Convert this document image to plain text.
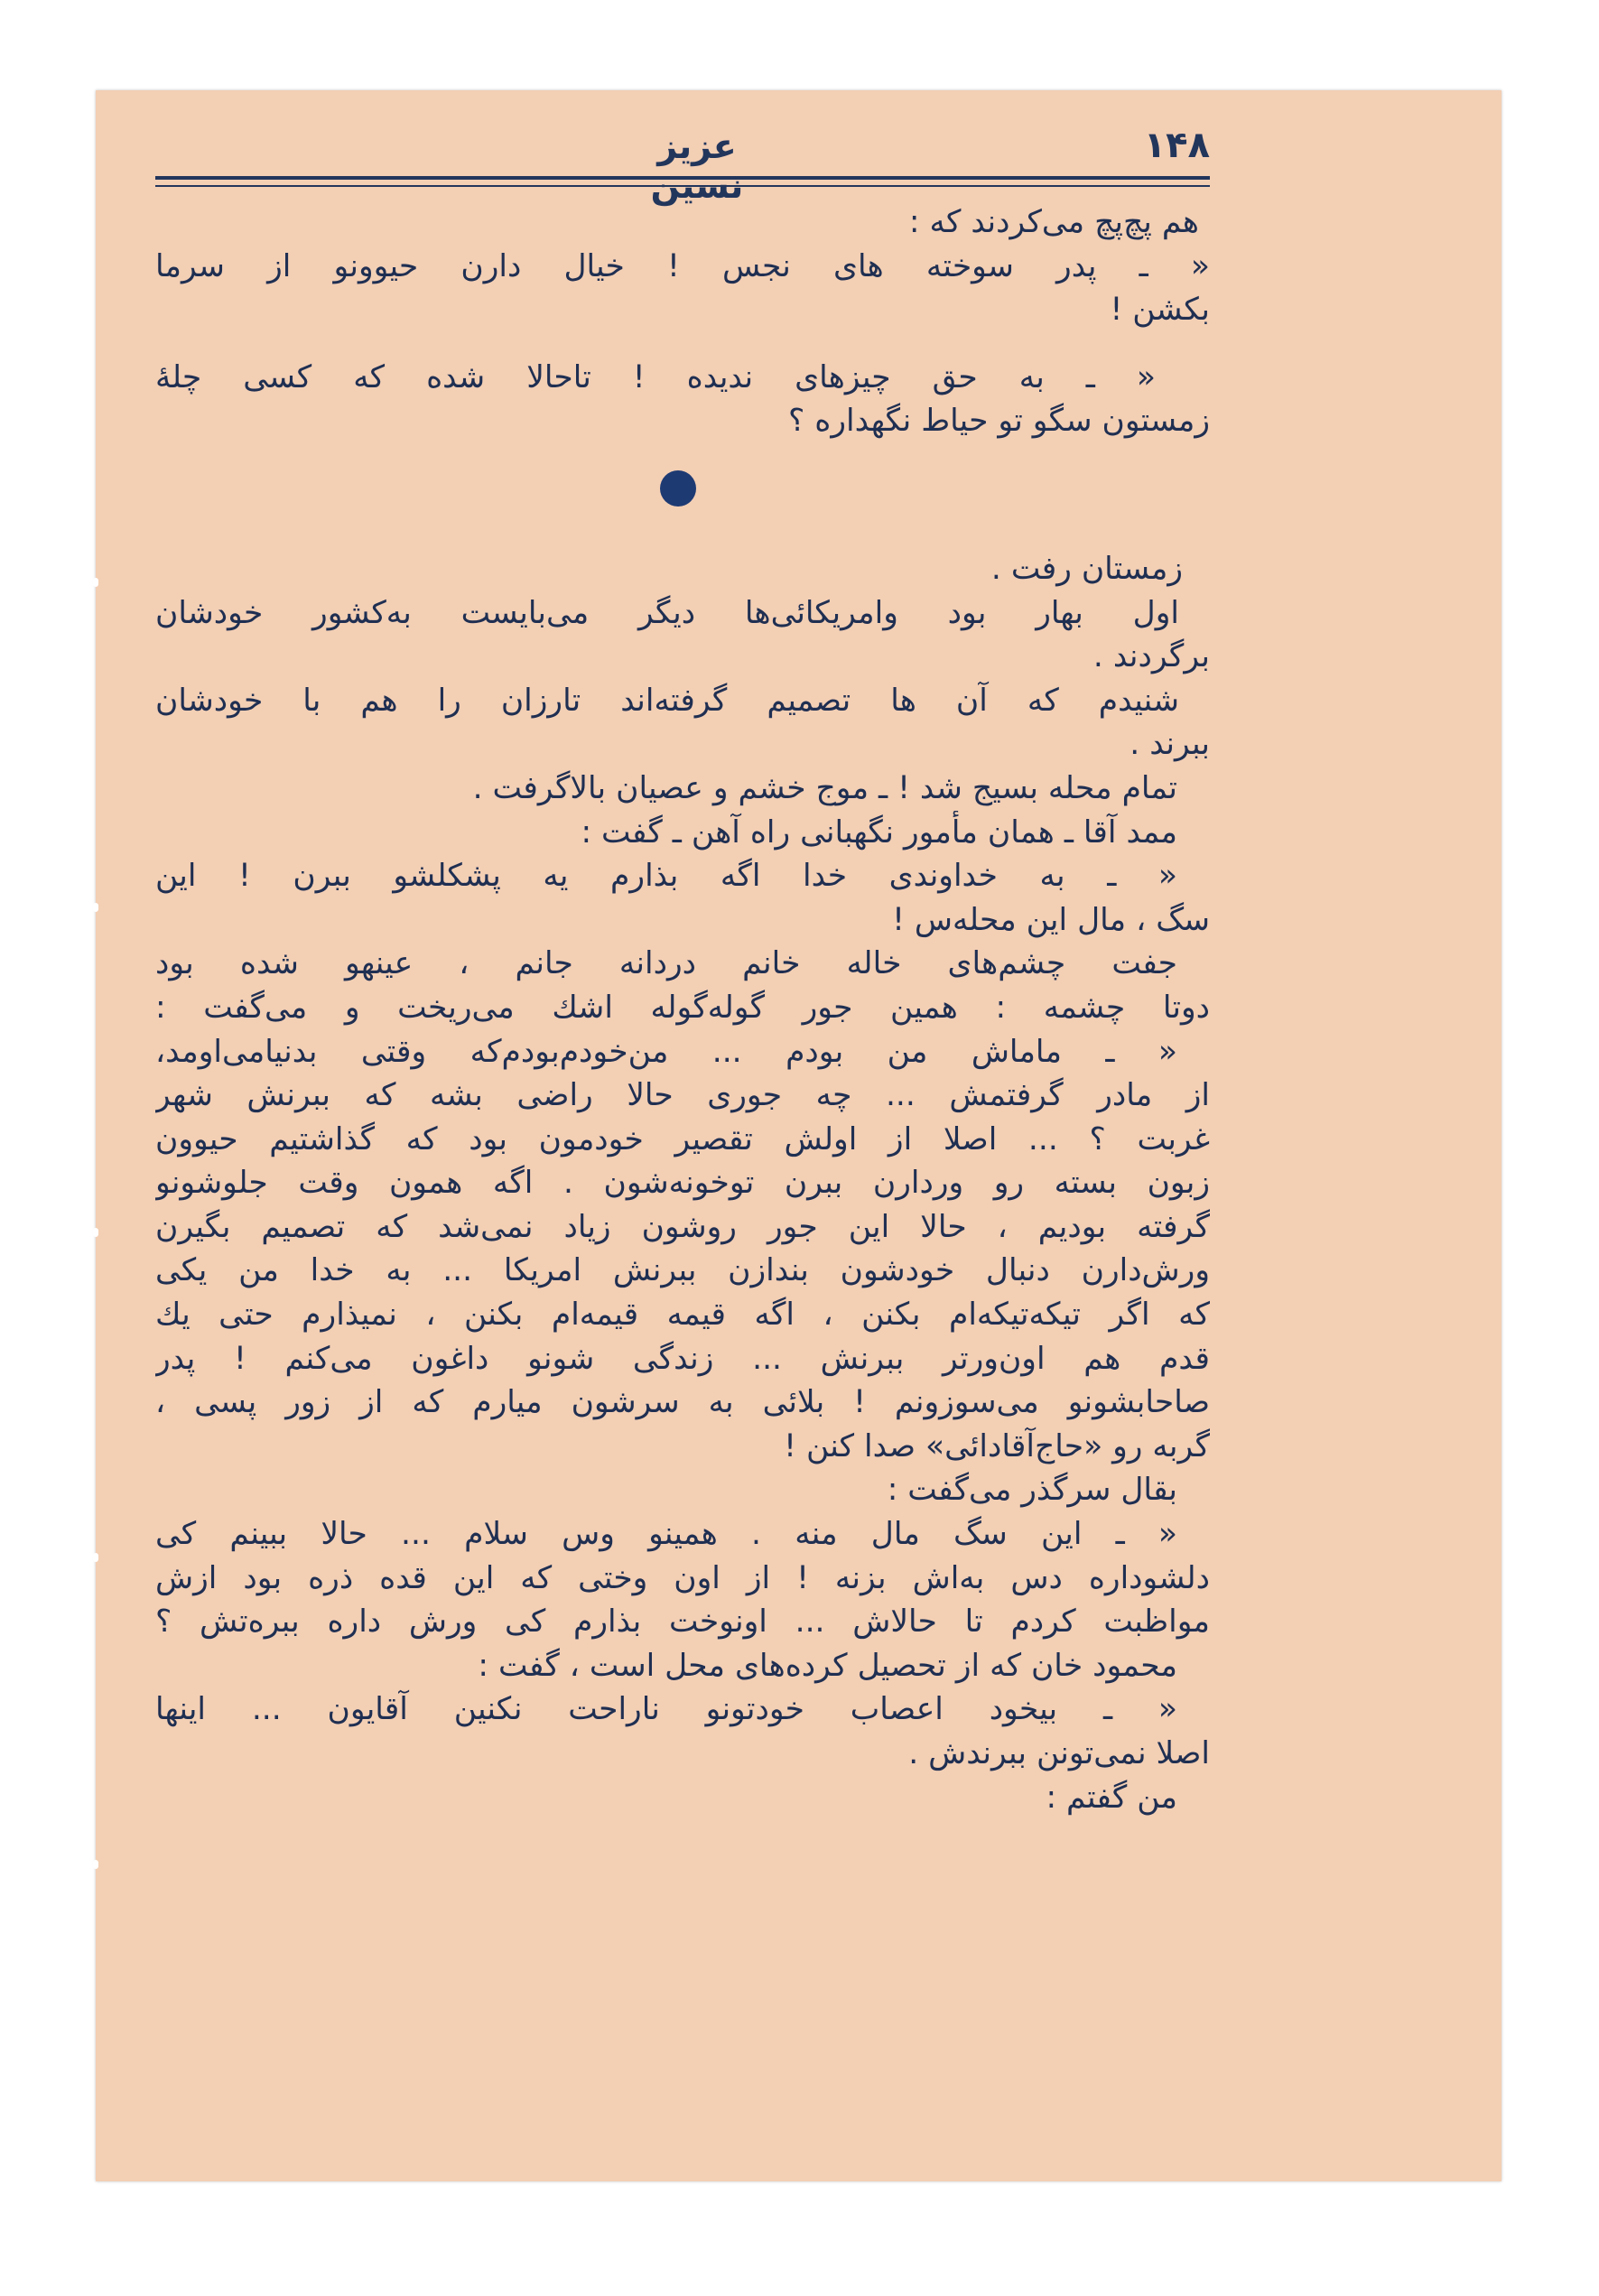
عزیز نسین
۱۴۸
هم پچ‌پچ می‌کردند که :
« ـ پدر سوخته های نجس ! خیال دارن حیوونو از سرما
بکشن !
« ـ به حق چیزهای ندیده ! تاحالا شده که کسی چلهٔ
زمستون سگو تو حیاط نگهداره ؟
زمستان رفت .
اول بهار بود وامریکائی‌ها دیگر می‌بایست به‌کشور خودشان
برگردند .
شنیدم که آن ها تصمیم گرفته‌اند تارزان را هم با خودشان
ببرند .
تمام محله بسیج شد ! ـ موج خشم و عصیان بالاگرفت .
ممد آقا ـ همان مأمور نگهبانی راه آهن ـ گفت :
« ـ به خداوندی خدا اگه بذارم یه پشکلشو ببرن ! این
سگ ، مال این محله‌س !
جفت چشم‌های خاله خانم دردانه جانم ، عینهو شده بود
دوتا چشمه : همین جور گوله‌گوله اشك می‌ریخت و می‌گفت :
« ـ ماماش من بودم ... من‌خودم‌بودم‌که وقتی بدنیامی‌اومد،
از مادر گرفتمش ... چه جوری حالا راضی بشه که ببرنش شهر
غربت ؟ ... اصلا از اولش تقصیر خودمون بود که گذاشتیم حیوون
زبون بسته رو وردارن ببرن توخونه‌شون . اگه همون وقت جلوشونو
گرفته بودیم ، حالا این جور روشون زیاد نمی‌شد که تصمیم بگیرن
ورش‌دارن دنبال خودشون بندازن ببرنش امریکا ... به خدا من یکی
که اگر تیکه‌تیکه‌ام بکنن ، اگه قیمه قیمه‌ام بکنن ، نمیذارم حتی یك
قدم هم اون‌ورتر ببرنش ... زندگی شونو داغون می‌کنم ! پدر
صاحابشونو می‌سوزونم ! بلائی به سرشون میارم که از زور پسی ،
گربه رو «حاج‌آقادائی» صدا کنن !
بقال سرگذر می‌گفت :
« ـ این سگ مال منه . همینو وس سلام ... حالا ببینم کی
دلشوداره دس به‌اش بزنه ! از اون وختی که این قده ذره بود ازش
مواظبت کردم تا حالاش ... اونوخت بذارم کی ورش داره ببره‌تش ؟
محمود خان که از تحصیل کرده‌های محل است ، گفت :
« ـ بیخود اعصاب خودتونو ناراحت نکنین آقایون ... اینها
اصلا نمی‌تونن ببرندش .
من گفتم :
